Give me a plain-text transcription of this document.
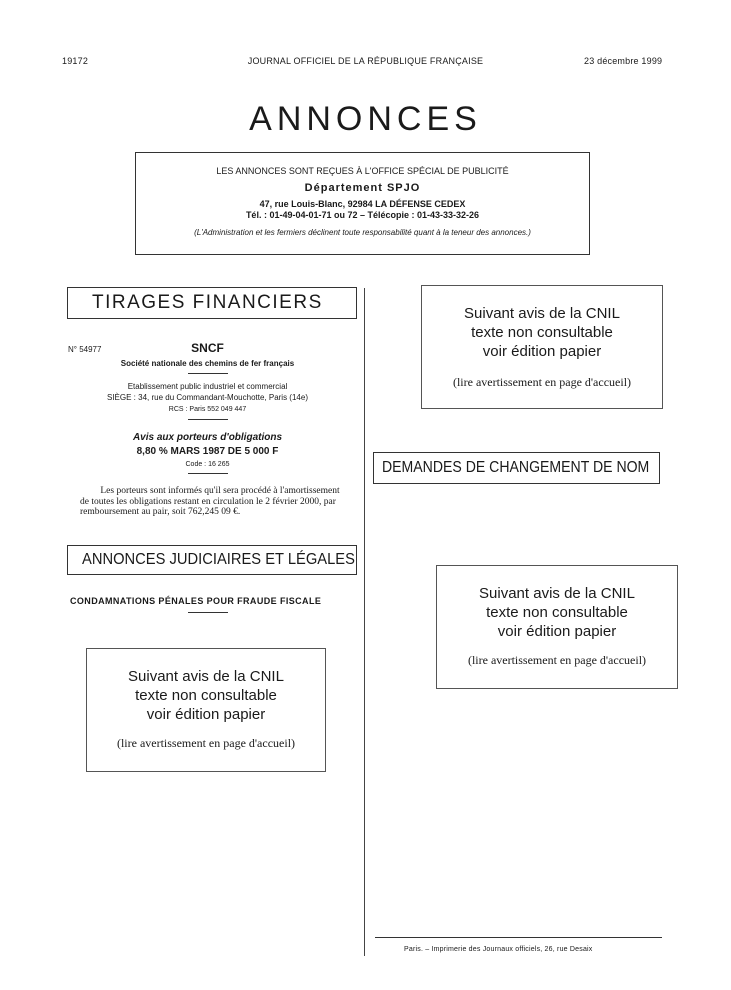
19172	JOURNAL OFFICIEL DE LA RÉPUBLIQUE FRANÇAISE	23 décembre 1999
ANNONCES
LES ANNONCES SONT REÇUES À L'OFFICE SPÉCIAL DE PUBLICITÉ
Département SPJO
47, rue Louis-Blanc, 92984 LA DÉFENSE CEDEX
Tél. : 01-49-04-01-71 ou 72 – Télécopie : 01-43-33-32-26
(L'Administration et les fermiers déclinent toute responsabilité quant à la teneur des annonces.)
TIRAGES FINANCIERS
N° 54977	SNCF
Société nationale des chemins de fer français
Etablissement public industriel et commercial
SIÈGE : 34, rue du Commandant-Mouchotte, Paris (14e)
RCS : Paris 552 049 447
Avis aux porteurs d'obligations
8,80 % MARS 1987 DE 5 000 F
Code : 16 265
Les porteurs sont informés qu'il sera procédé à l'amortissement
de toutes les obligations restant en circulation le 2 février 2000, par
remboursement au pair, soit 762,245 09 €.
ANNONCES JUDICIAIRES ET LÉGALES
CONDAMNATIONS PÉNALES POUR FRAUDE FISCALE
Suivant avis de la CNIL
texte non consultable
voir édition papier
(lire avertissement en page d'accueil)
Suivant avis de la CNIL
texte non consultable
voir édition papier
(lire avertissement en page d'accueil)
DEMANDES DE CHANGEMENT DE NOM
Suivant avis de la CNIL
texte non consultable
voir édition papier
(lire avertissement en page d'accueil)
Paris. – Imprimerie des Journaux officiels, 26, rue Desaix
